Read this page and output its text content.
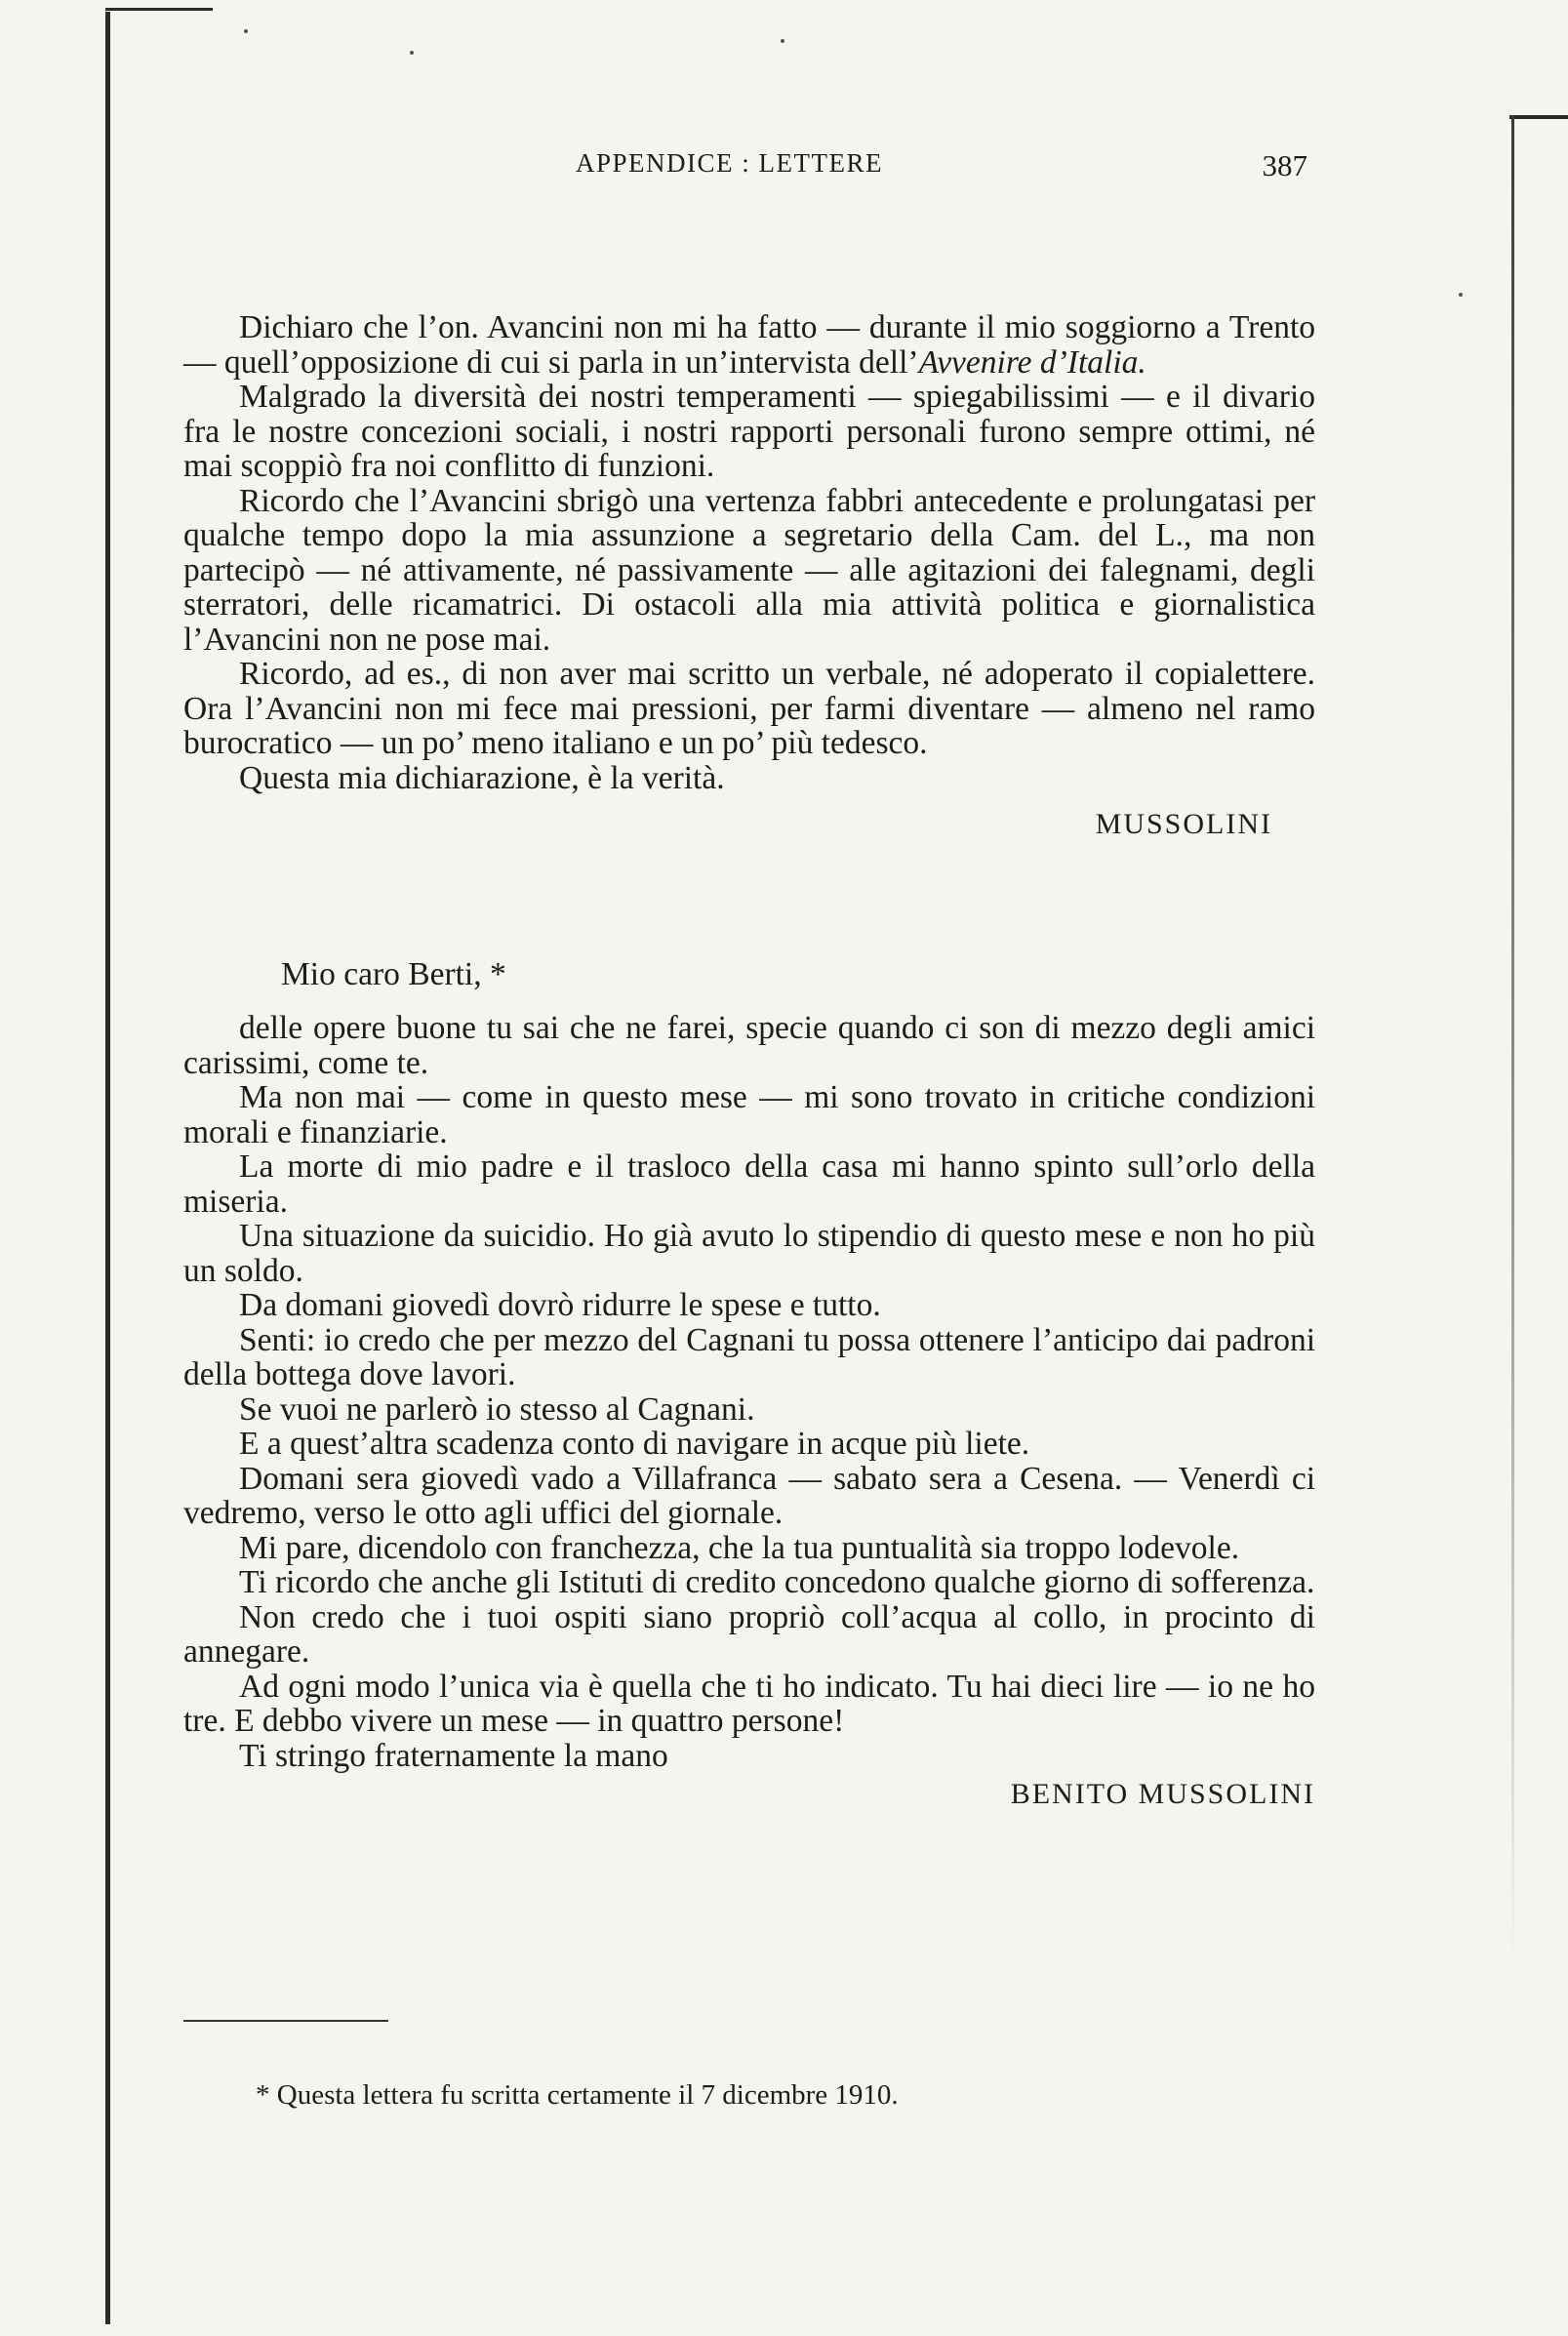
APPENDICE : LETTERE	387

Dichiaro che l’on. Avancini non mi ha fatto — durante il mio soggiorno a Trento — quell’opposizione di cui si parla in un’intervista dell’Avvenire d’Italia.

Malgrado la diversità dei nostri temperamenti — spiegabilissimi — e il divario fra le nostre concezioni sociali, i nostri rapporti personali furono sempre ottimi, né mai scoppiò fra noi conflitto di funzioni.

Ricordo che l’Avancini sbrigò una vertenza fabbri antecedente e prolungatasi per qualche tempo dopo la mia assunzione a segretario della Cam. del L., ma non partecipò — né attivamente, né passivamente — alle agitazioni dei falegnami, degli sterratori, delle ricamatrici. Di ostacoli alla mia attività politica e giornalistica l’Avancini non ne pose mai.

Ricordo, ad es., di non aver mai scritto un verbale, né adoperato il copialettere. Ora l’Avancini non mi fece mai pressioni, per farmi diventare — almeno nel ramo burocratico — un po’ meno italiano e un po’ più tedesco.

Questa mia dichiarazione, è la verità.

MUSSOLINI

Mio caro Berti, *

delle opere buone tu sai che ne farei, specie quando ci son di mezzo degli amici carissimi, come te.

Ma non mai — come in questo mese — mi sono trovato in critiche condizioni morali e finanziarie.

La morte di mio padre e il trasloco della casa mi hanno spinto sull’orlo della miseria.

Una situazione da suicidio. Ho già avuto lo stipendio di questo mese e non ho più un soldo.

Da domani giovedì dovrò ridurre le spese e tutto.

Senti: io credo che per mezzo del Cagnani tu possa ottenere l’anticipo dai padroni della bottega dove lavori.

Se vuoi ne parlerò io stesso al Cagnani.

E a quest’altra scadenza conto di navigare in acque più liete.

Domani sera giovedì vado a Villafranca — sabato sera a Cesena. — Venerdì ci vedremo, verso le otto agli uffici del giornale.

Mi pare, dicendolo con franchezza, che la tua puntualità sia troppo lodevole.

Ti ricordo che anche gli Istituti di credito concedono qualche giorno di sofferenza.

Non credo che i tuoi ospiti siano propriò coll’acqua al collo, in procinto di annegare.

Ad ogni modo l’unica via è quella che ti ho indicato. Tu hai dieci lire — io ne ho tre. E debbo vivere un mese — in quattro persone!

Ti stringo fraternamente la mano

BENITO MUSSOLINI

* Questa lettera fu scritta certamente il 7 dicembre 1910.
